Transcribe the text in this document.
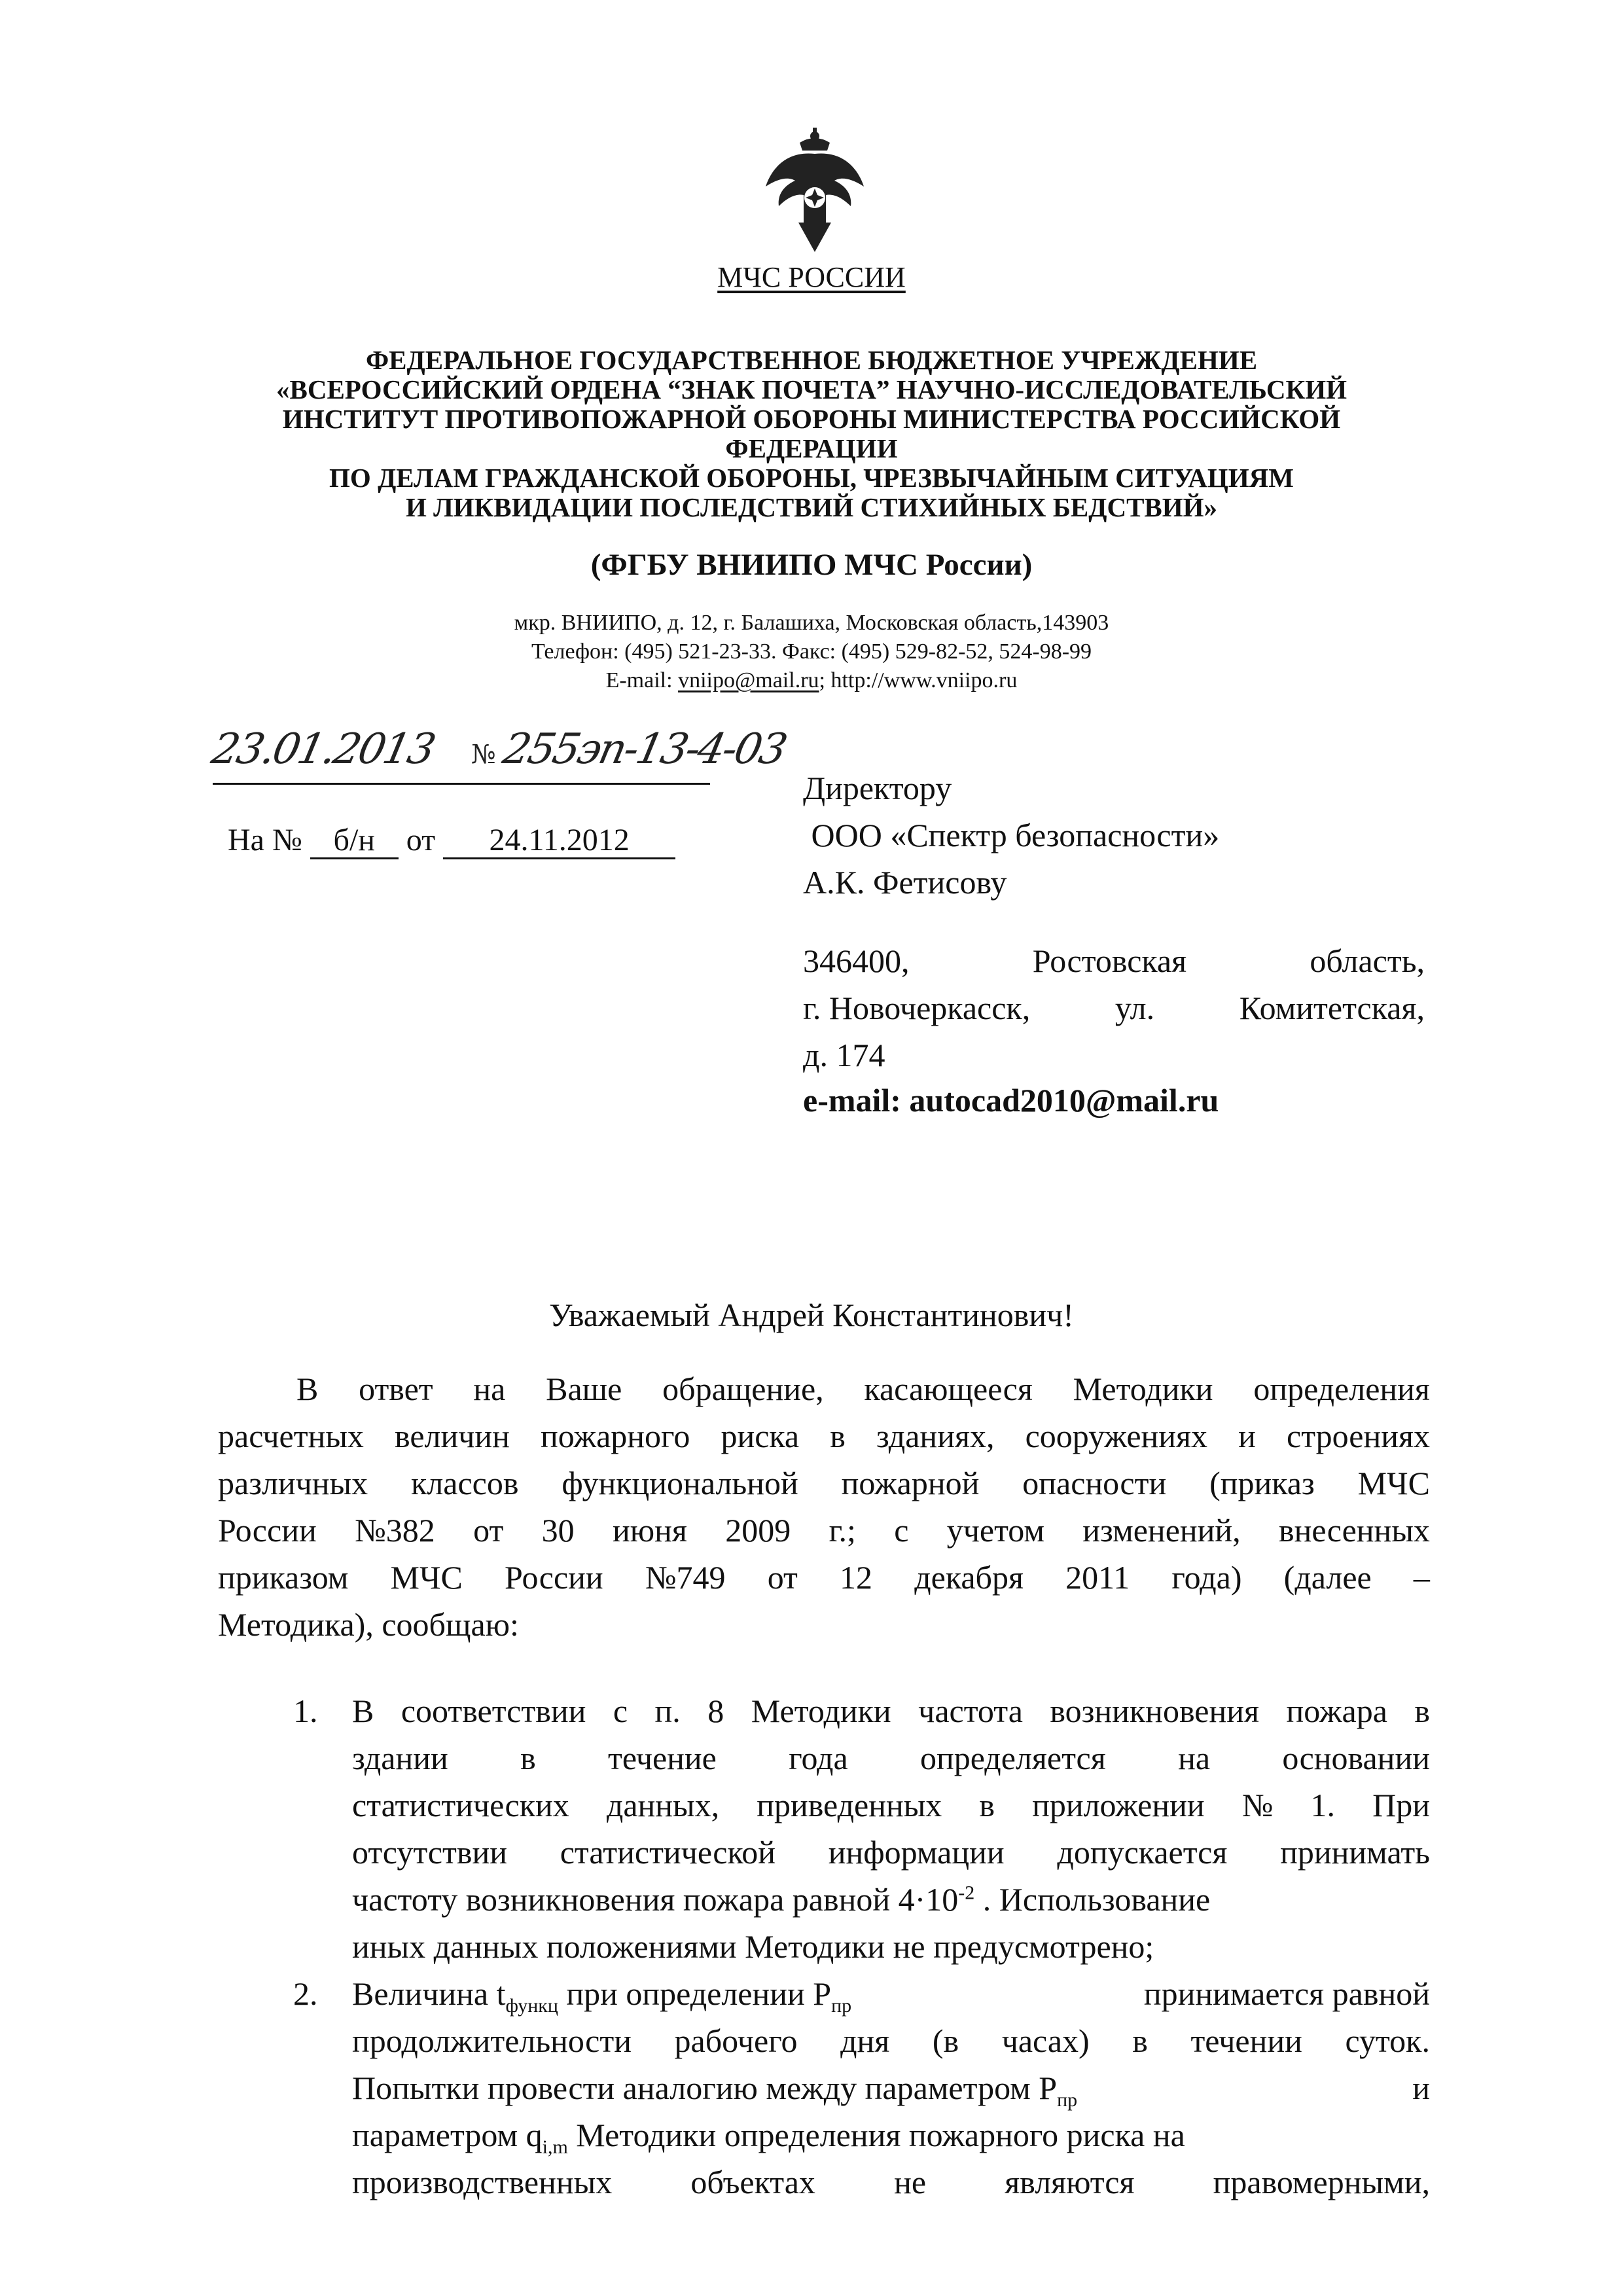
МЧС РОССИИ
ФЕДЕРАЛЬНОЕ ГОСУДАРСТВЕННОЕ БЮДЖЕТНОЕ УЧРЕЖДЕНИЕ
«ВСЕРОССИЙСКИЙ ОРДЕНА “ЗНАК ПОЧЕТА” НАУЧНО-ИССЛЕДОВАТЕЛЬСКИЙ
ИНСТИТУТ ПРОТИВОПОЖАРНОЙ ОБОРОНЫ МИНИСТЕРСТВА РОССИЙСКОЙ
ФЕДЕРАЦИИ
ПО ДЕЛАМ ГРАЖДАНСКОЙ ОБОРОНЫ, ЧРЕЗВЫЧАЙНЫМ СИТУАЦИЯМ
И ЛИКВИДАЦИИ ПОСЛЕДСТВИЙ СТИХИЙНЫХ БЕДСТВИЙ»
(ФГБУ ВНИИПО МЧС России)
мкр. ВНИИПО, д. 12, г. Балашиха, Московская область,143903
Телефон: (495) 521-23-33. Факс: (495) 529-82-52, 524-98-99
E-mail: vniipo@mail.ru; http://www.vniipo.ru
23.01.2013 № 255эп-13-4-03
На № б/н от 24.11.2012
Директору
ООО «Спектр безопасности»
А.К. Фетисову
346400,	Ростовская	область,
г. Новочеркасск,	ул.	Комитетская,
д. 174
e-mail: autocad2010@mail.ru
Уважаемый Андрей Константинович!
В ответ на Ваше обращение, касающееся Методики определения
расчетных величин пожарного риска в зданиях, сооружениях и строениях
различных классов функциональной пожарной опасности (приказ МЧС
России №382 от 30 июня 2009 г.; с учетом изменений, внесенных
приказом МЧС России №749 от 12 декабря 2011 года) (далее –
Методика), сообщаю:
1. В соответствии с п. 8 Методики частота возникновения пожара в
здании в течение года определяется на основании
статистических данных, приведенных в приложении № 1. При
отсутствии статистической информации допускается принимать
частоту возникновения пожара равной $4\cdot 10^{-2}$ . Использование
иных данных положениями Методики не предусмотрено;
2. Величина $t_{функц}$ при определении $P_{пр}$	принимается равной
продолжительности рабочего дня (в часах) в течении суток.
Попытки провести аналогию между параметром $P_{пр}$	и
параметром $q_{i,m}$ Методики определения пожарного риска на
производственных объектах не являются правомерными,
